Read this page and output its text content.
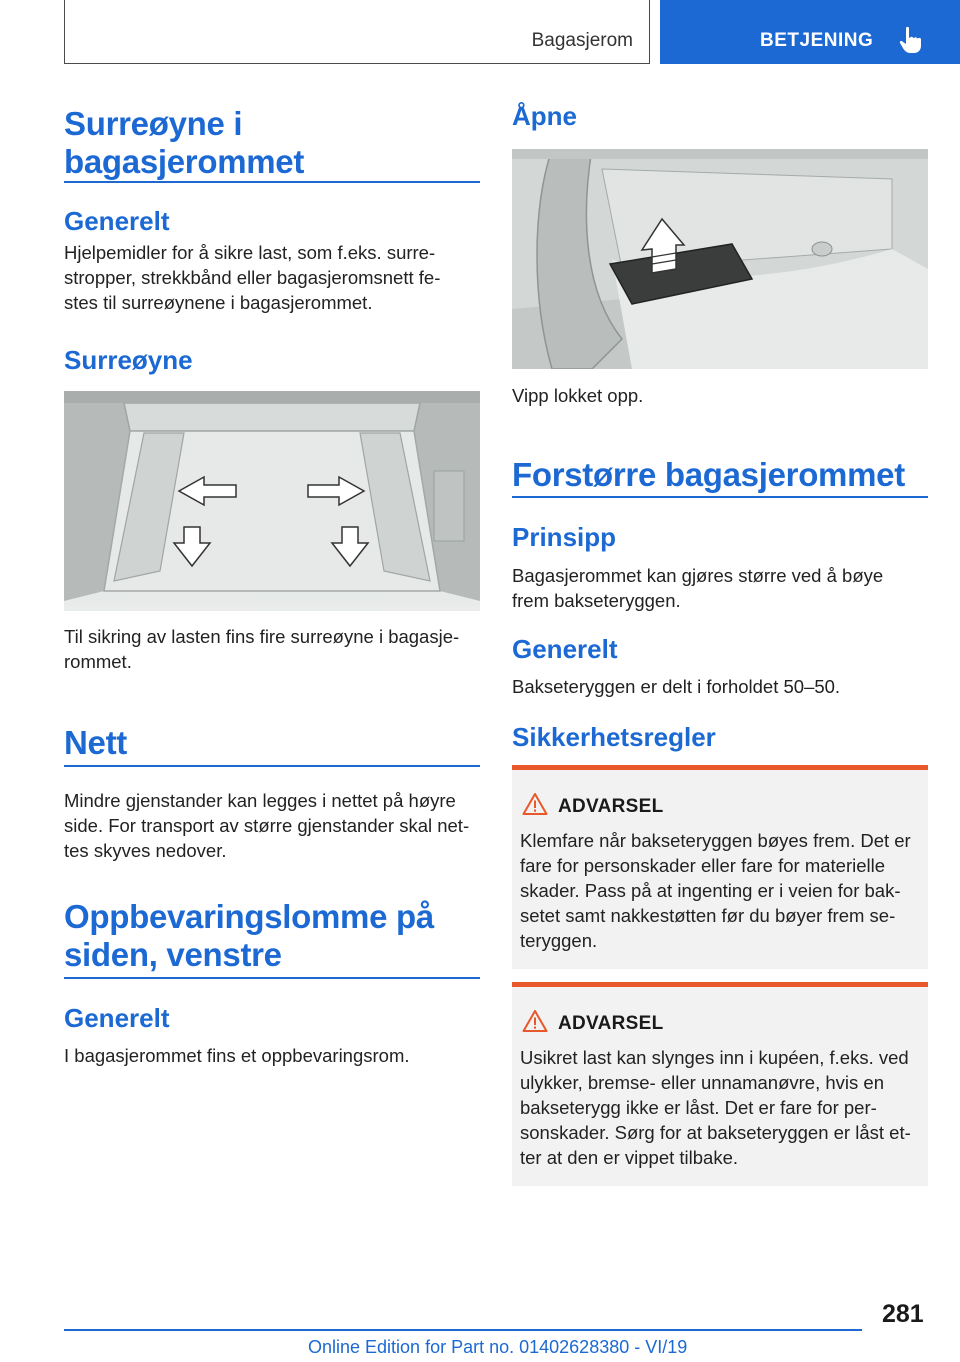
Bagasjerom	BETJENING
Surreøyne i
bagasjerommet
Generelt
Hjelpemidler for å sikre last, som f.eks. surre-
stropper, strekkbånd eller bagasjeromsnett fe-
stes til surreøynene i bagasjerommet.
Surreøyne
Til sikring av lasten fins fire surreøyne i bagasje-
rommet.
Nett
Mindre gjenstander kan legges i nettet på høyre
side. For transport av større gjenstander skal net-
tes skyves nedover.
Oppbevaringslomme på
siden, venstre
Generelt
I bagasjerommet fins et oppbevaringsrom.
Åpne
Vipp lokket opp.
Forstørre bagasjerommet
Prinsipp
Bagasjerommet kan gjøres større ved å bøye
frem bakseteryggen.
Generelt
Bakseteryggen er delt i forholdet 50–50.
Sikkerhetsregler
ADVARSEL
Klemfare når bakseteryggen bøyes frem. Det er
fare for personskader eller fare for materielle
skader. Pass på at ingenting er i veien for bak-
setet samt nakkestøtten før du bøyer frem se-
teryggen.
ADVARSEL
Usikret last kan slynges inn i kupéen, f.eks. ved
ulykker, bremse- eller unnamanøvre, hvis en
bakseterygg ikke er låst. Det er fare for per-
sonskader. Sørg for at bakseteryggen er låst et-
ter at den er vippet tilbake.
281
Online Edition for Part no. 01402628380 - VI/19
